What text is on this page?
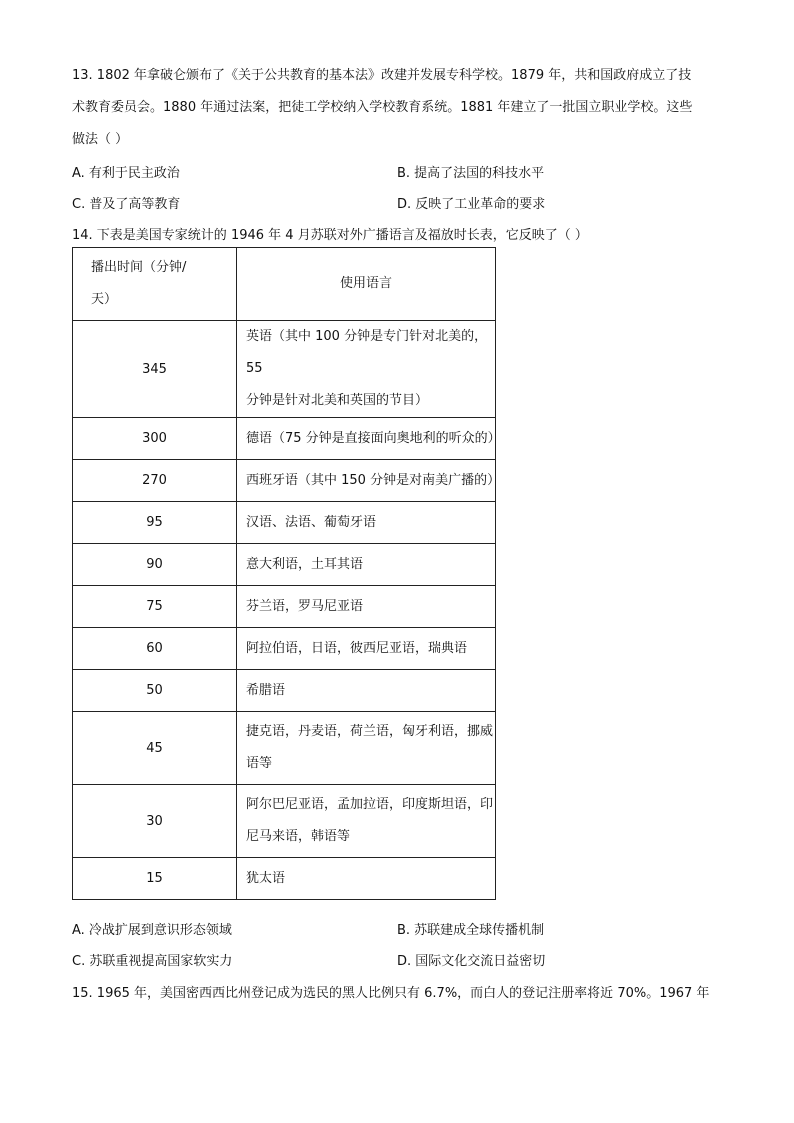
13. 1802 年拿破仑颁布了《关于公共教育的基本法》改建并发展专科学校。1879 年，共和国政府成立了技
术教育委员会。1880 年通过法案，把徒工学校纳入学校教育系统。1881 年建立了一批国立职业学校。这些
做法（ ）
A. 有利于民主政治	B. 提高了法国的科技水平
C. 普及了高等教育	D. 反映了工业革命的要求
14. 下表是美国专家统计的 1946 年 4 月苏联对外广播语言及福放时长表，它反映了（ ）
播出时间（分钟/
天）	使用语言
345	英语（其中 100 分钟是专门针对北美的，55
分钟是针对北美和英国的节目）

300	德语（75 分钟是直接面向奥地利的听众的）
270	西班牙语（其中 150 分钟是对南美广播的）
95	汉语、法语、葡萄牙语
90	意大利语，土耳其语
75	芬兰语，罗马尼亚语
60	阿拉伯语，日语，彼西尼亚语，瑞典语
50	希腊语
45	捷克语，丹麦语，荷兰语，匈牙利语，挪威
语等

30	阿尔巴尼亚语，孟加拉语，印度斯坦语，印
尼马来语，韩语等

15	犹太语
A. 冷战扩展到意识形态领域	B. 苏联建成全球传播机制
C. 苏联重视提高国家软实力	D. 国际文化交流日益密切
15. 1965 年，美国密西西比州登记成为选民的黑人比例只有 6.7%，而白人的登记注册率将近 70%。1967 年
